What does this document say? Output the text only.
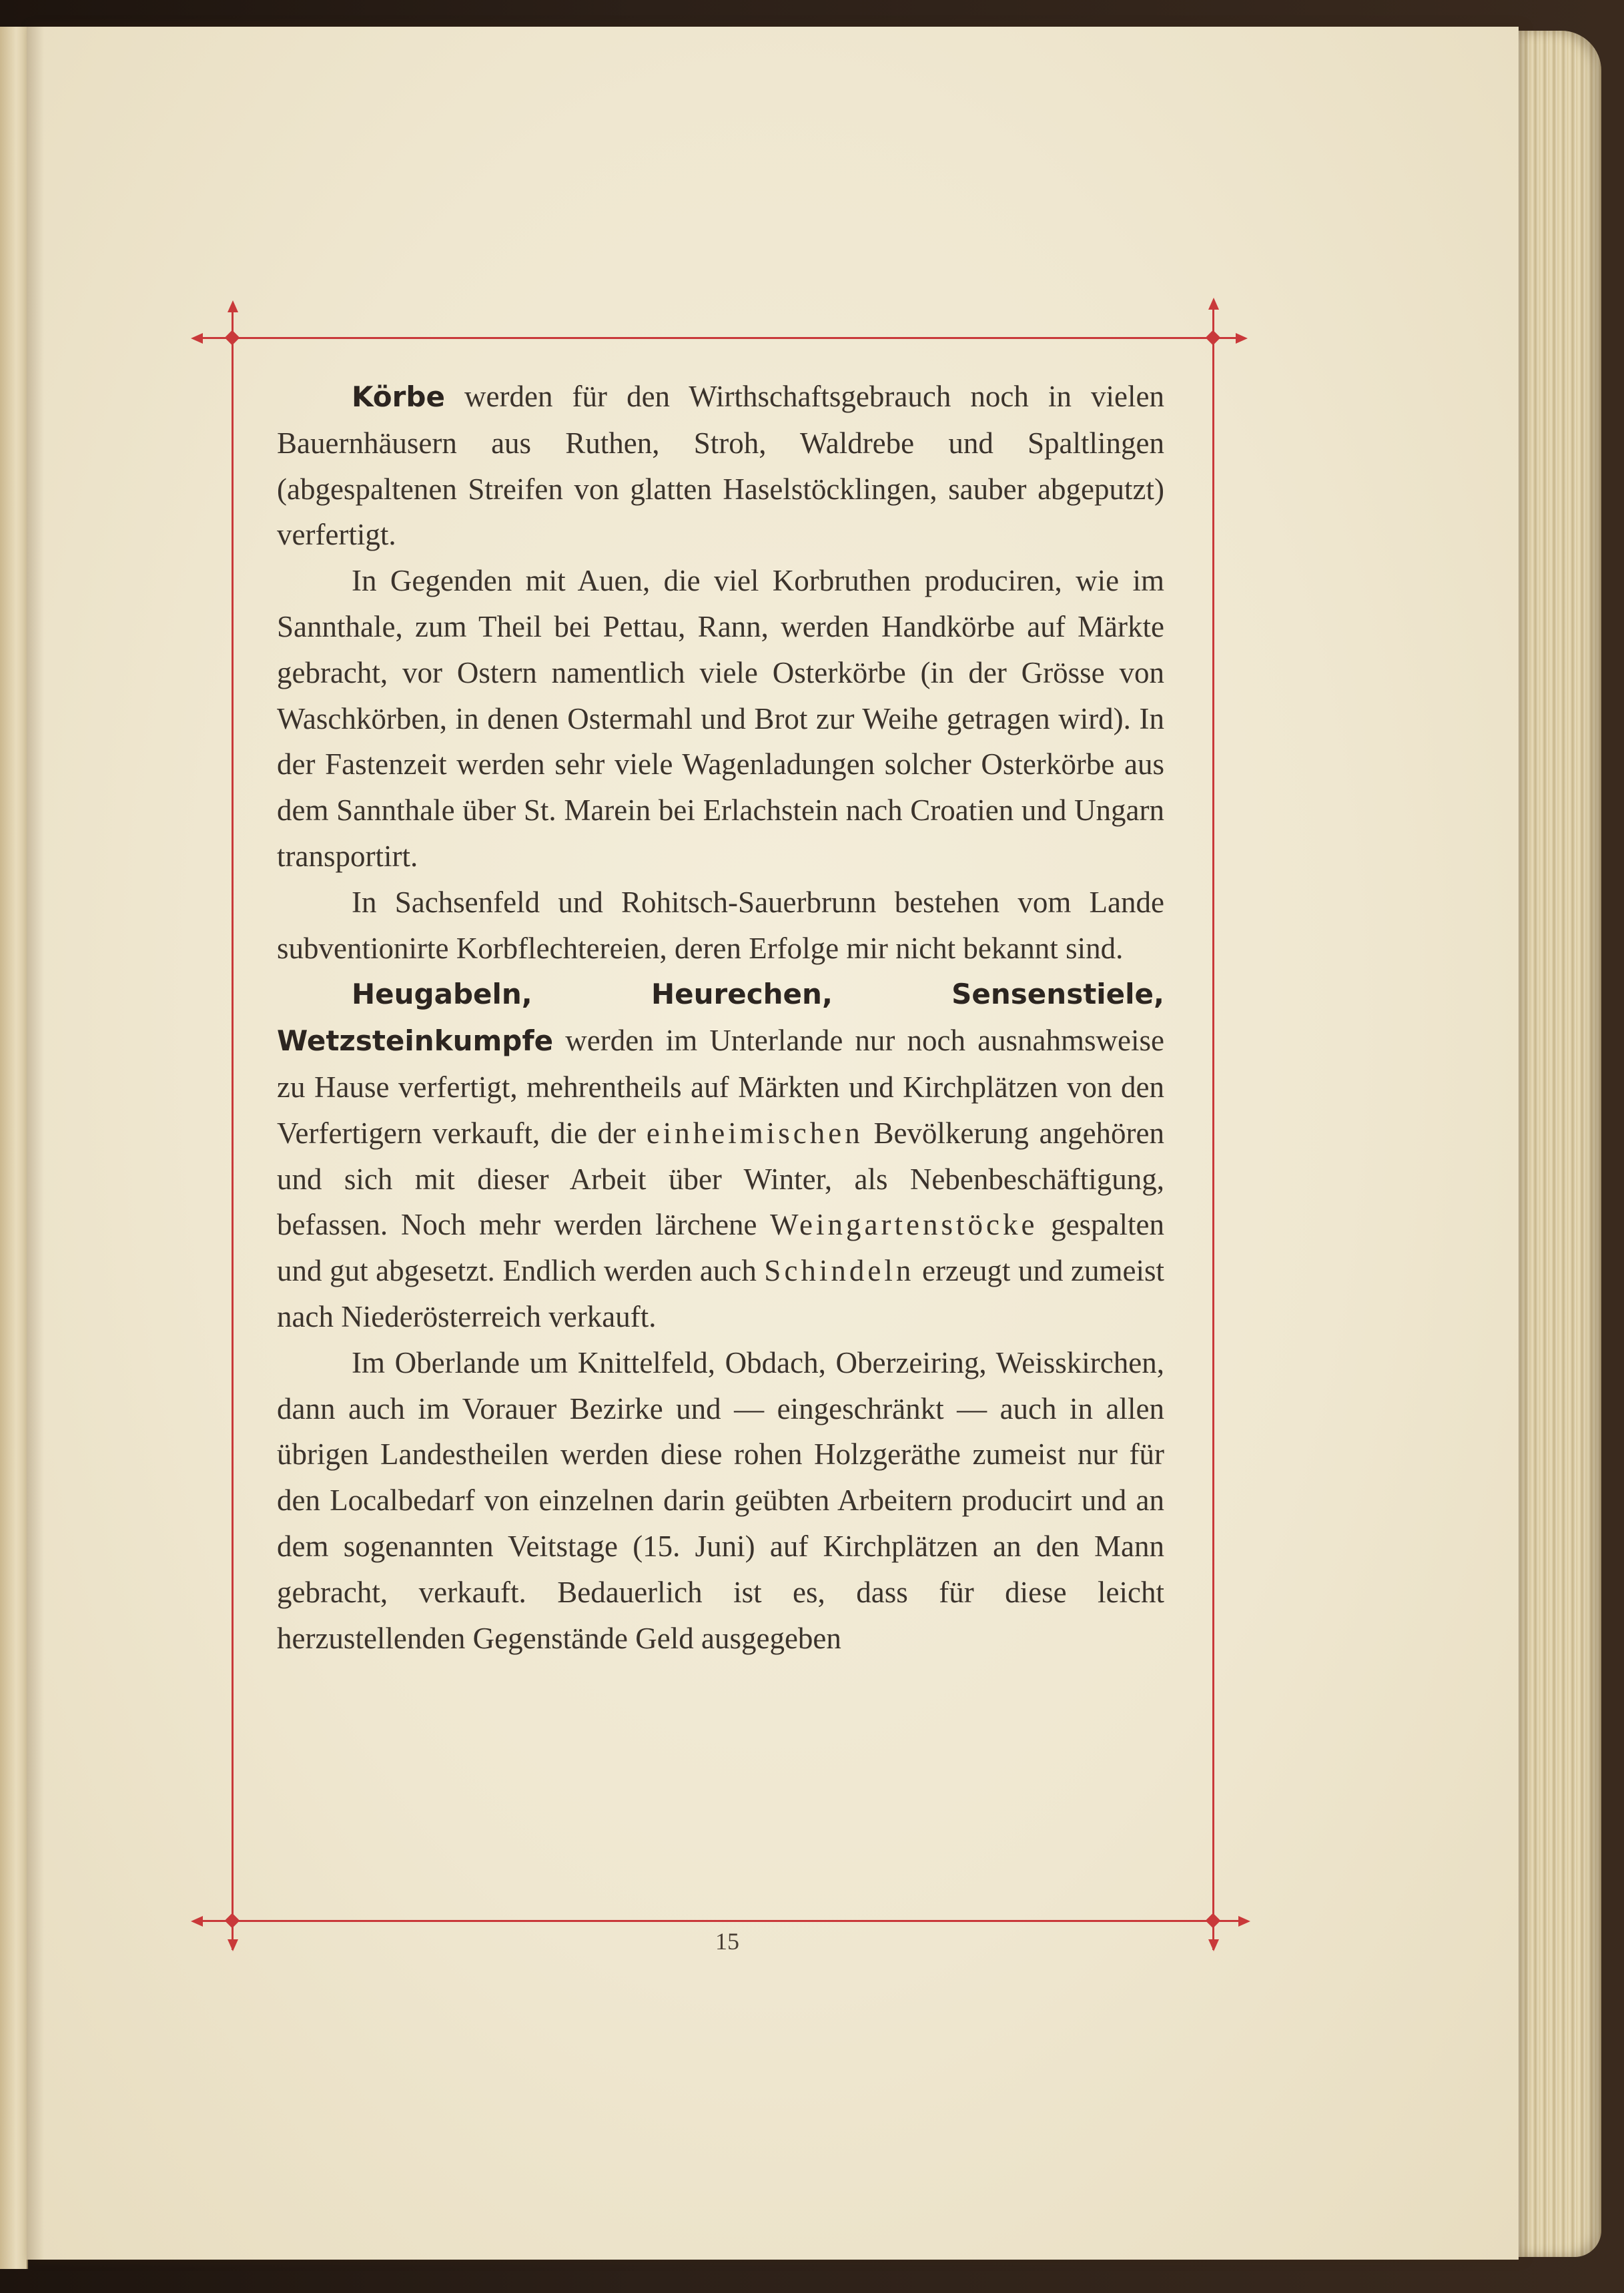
Körbe werden für den Wirthschaftsgebrauch noch in vielen Bauernhäusern aus Ruthen, Stroh, Waldrebe und Spaltlingen (abgespaltenen Streifen von glatten Haselstöcklingen, sauber abgeputzt) verfertigt.

In Gegenden mit Auen, die viel Korbruthen produciren, wie im Sannthale, zum Theil bei Pettau, Rann, werden Handkörbe auf Märkte gebracht, vor Ostern namentlich viele Osterkörbe (in der Grösse von Waschkörben, in denen Ostermahl und Brot zur Weihe getragen wird). In der Fastenzeit werden sehr viele Wagenladungen solcher Osterkörbe aus dem Sannthale über St. Marein bei Erlachstein nach Croatien und Ungarn transportirt.

In Sachsenfeld und Rohitsch-Sauerbrunn bestehen vom Lande subventionirte Korbflechtereien, deren Erfolge mir nicht bekannt sind.

Heugabeln, Heurechen, Sensenstiele, Wetzsteinkumpfe werden im Unterlande nur noch ausnahmsweise zu Hause verfertigt, mehrentheils auf Märkten und Kirchplätzen von den Verfertigern verkauft, die der einheimischen Bevölkerung angehören und sich mit dieser Arbeit über Winter, als Nebenbeschäftigung, befassen. Noch mehr werden lärchene Weingartenstöcke gespalten und gut abgesetzt. Endlich werden auch Schindeln erzeugt und zumeist nach Niederösterreich verkauft.

Im Oberlande um Knittelfeld, Obdach, Oberzeiring, Weisskirchen, dann auch im Vorauer Bezirke und — eingeschränkt — auch in allen übrigen Landestheilen werden diese rohen Holzgeräthe zumeist nur für den Localbedarf von einzelnen darin geübten Arbeitern producirt und an dem sogenannten Veitstage (15. Juni) auf Kirchplätzen an den Mann gebracht, verkauft. Bedauerlich ist es, dass für diese leicht herzustellenden Gegenstände Geld ausgegeben

15
